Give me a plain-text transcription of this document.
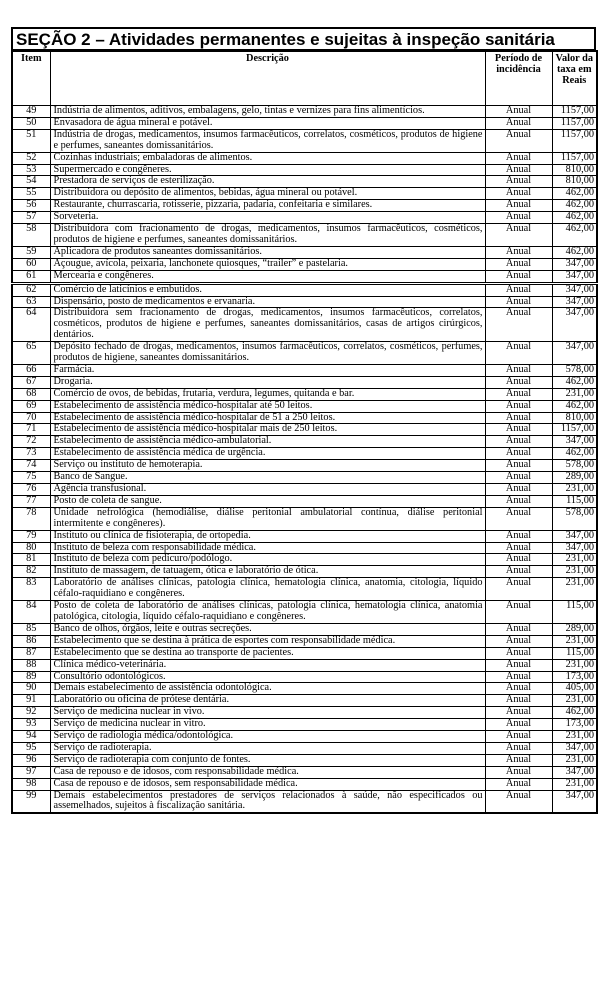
SEÇÃO 2 – Atividades permanentes e sujeitas à inspeção sanitária
Item	Descrição	Período de incidência	Valor da taxa em Reais
49	Indústria de alimentos, aditivos, embalagens, gelo, tintas e vernizes para fins alimentícios.	Anual	1157,00
50	Envasadora de água mineral e potável.	Anual	1157,00
51	Indústria de drogas, medicamentos, insumos farmacêuticos, correlatos, cosméticos, produtos de higiene e perfumes, saneantes domissanitários.	Anual	1157,00
52	Cozinhas industriais; embaladoras de alimentos.	Anual	1157,00
53	Supermercado e congêneres.	Anual	810,00
54	Prestadora de serviços de esterilização.	Anual	810,00
55	Distribuidora ou depósito de alimentos, bebidas, água mineral ou potável.	Anual	462,00
56	Restaurante, churrascaria, rotisserie, pizzaria, padaria, confeitaria e similares.	Anual	462,00
57	Sorveteria.	Anual	462,00
58	Distribuidora com fracionamento de drogas, medicamentos, insumos farmacêuticos, cosméticos, produtos de higiene e perfumes, saneantes domissanitários.	Anual	462,00
59	Aplicadora de produtos saneantes domissanitários.	Anual	462,00
60	Açougue, avícola, peixaria, lanchonete quiosques, “trailer” e pastelaria.	Anual	347,00
61	Mercearia e congêneres.	Anual	347,00
62	Comércio de laticínios e embutidos.	Anual	347,00
63	Dispensário, posto de medicamentos e ervanaria.	Anual	347,00
64	Distribuidora sem fracionamento de drogas, medicamentos, insumos farmacêuticos, correlatos, cosméticos, produtos de higiene e perfumes, saneantes domissanitários, casas de artigos cirúrgicos, dentários.	Anual	347,00
65	Depósito fechado de drogas, medicamentos, insumos farmacêuticos, correlatos, cosméticos, perfumes, produtos de higiene, saneantes domissanitários.	Anual	347,00
66	Farmácia.	Anual	578,00
67	Drogaria.	Anual	462,00
68	Comércio de ovos, de bebidas, frutaria, verdura, legumes, quitanda e bar.	Anual	231,00
69	Estabelecimento de assistência médico-hospitalar até 50 leitos.	Anual	462,00
70	Estabelecimento de assistência médico-hospitalar de 51 a 250 leitos.	Anual	810,00
71	Estabelecimento de assistência médico-hospitalar mais de 250 leitos.	Anual	1157,00
72	Estabelecimento de assistência médico-ambulatorial.	Anual	347,00
73	Estabelecimento de assistência médica de urgência.	Anual	462,00
74	Serviço ou instituto de hemoterapia.	Anual	578,00
75	Banco de Sangue.	Anual	289,00
76	Agência transfusional.	Anual	231,00
77	Posto de coleta de sangue.	Anual	115,00
78	Unidade nefrológica (hemodiálise, diálise peritonial ambulatorial contínua, diálise peritonial intermitente e congêneres).	Anual	578,00
79	Instituto ou clínica de fisioterapia, de ortopedia.	Anual	347,00
80	Instituto de beleza com responsabilidade médica.	Anual	347,00
81	Instituto de beleza com pedicuro/podólogo.	Anual	231,00
82	Instituto de massagem, de tatuagem, ótica e laboratório de ótica.	Anual	231,00
83	Laboratório de análises clínicas, patologia clínica, hematologia clínica, anatomia, citologia, líquido céfalo-raquidiano e congêneres.	Anual	231,00
84	Posto de coleta de laboratório de análises clínicas, patologia clínica, hematologia clínica, anatomia patológica, citologia, líquido céfalo-raquidiano e congêneres.	Anual	115,00
85	Banco de olhos, órgãos, leite e outras secreções.	Anual	289,00
86	Estabelecimento que se destina à prática de esportes com responsabilidade médica.	Anual	231,00
87	Estabelecimento que se destina ao transporte de pacientes.	Anual	115,00
88	Clínica médico-veterinária.	Anual	231,00
89	Consultório odontológicos.	Anual	173,00
90	Demais estabelecimento de assistência odontológica.	Anual	405,00
91	Laboratório ou oficina de prótese dentária.	Anual	231,00
92	Serviço de medicina nuclear in vivo.	Anual	462,00
93	Serviço de medicina nuclear in vitro.	Anual	173,00
94	Serviço de radiologia médica/odontológica.	Anual	231,00
95	Serviço de radioterapia.	Anual	347,00
96	Serviço de radioterapia com conjunto de fontes.	Anual	231,00
97	Casa de repouso e de idosos, com responsabilidade médica.	Anual	347,00
98	Casa de repouso e de idosos, sem responsabilidade médica.	Anual	231,00
99	Demais estabelecimentos prestadores de serviços relacionados à saúde, não especificados ou assemelhados, sujeitos à fiscalização sanitária.	Anual	347,00
